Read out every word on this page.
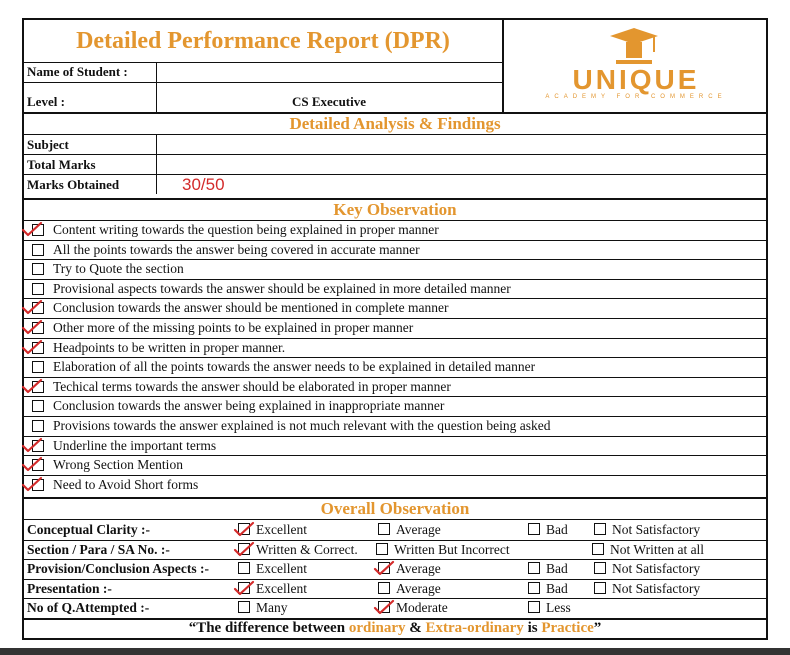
Detailed Performance Report (DPR)
Name of Student :
Level :	CS Executive
UNIQUE
ACADEMY FOR COMMERCE
Detailed Analysis & Findings
Subject
Total Marks
Marks Obtained	30/50
Key Observation
Content writing towards the question being explained in proper manner
All the points towards the answer being covered in accurate manner
Try to Quote the section
Provisional aspects towards the answer should be explained in more detailed manner
Conclusion towards the answer should be mentioned in complete manner
Other more of the missing points to be explained in proper manner
Headpoints to be written in proper manner.
Elaboration of all the points towards the answer needs to be explained in detailed manner
Techical terms towards the answer should be elaborated in proper manner
Conclusion towards the answer being explained in inappropriate manner
Provisions towards the answer explained is not much relevant with the question being asked
Underline the important terms
Wrong Section Mention
Need to Avoid Short forms
Overall Observation
Conceptual Clarity :-	Excellent	Average	Bad	Not Satisfactory
Section / Para / SA No. :-	Written & Correct.	Written But Incorrect	Not Written at all
Provision/Conclusion Aspects :-	Excellent	Average	Bad	Not Satisfactory
Presentation :-	Excellent	Average	Bad	Not Satisfactory
No of Q.Attempted :-	Many	Moderate	Less
“The difference between ordinary & Extra-ordinary is Practice”
